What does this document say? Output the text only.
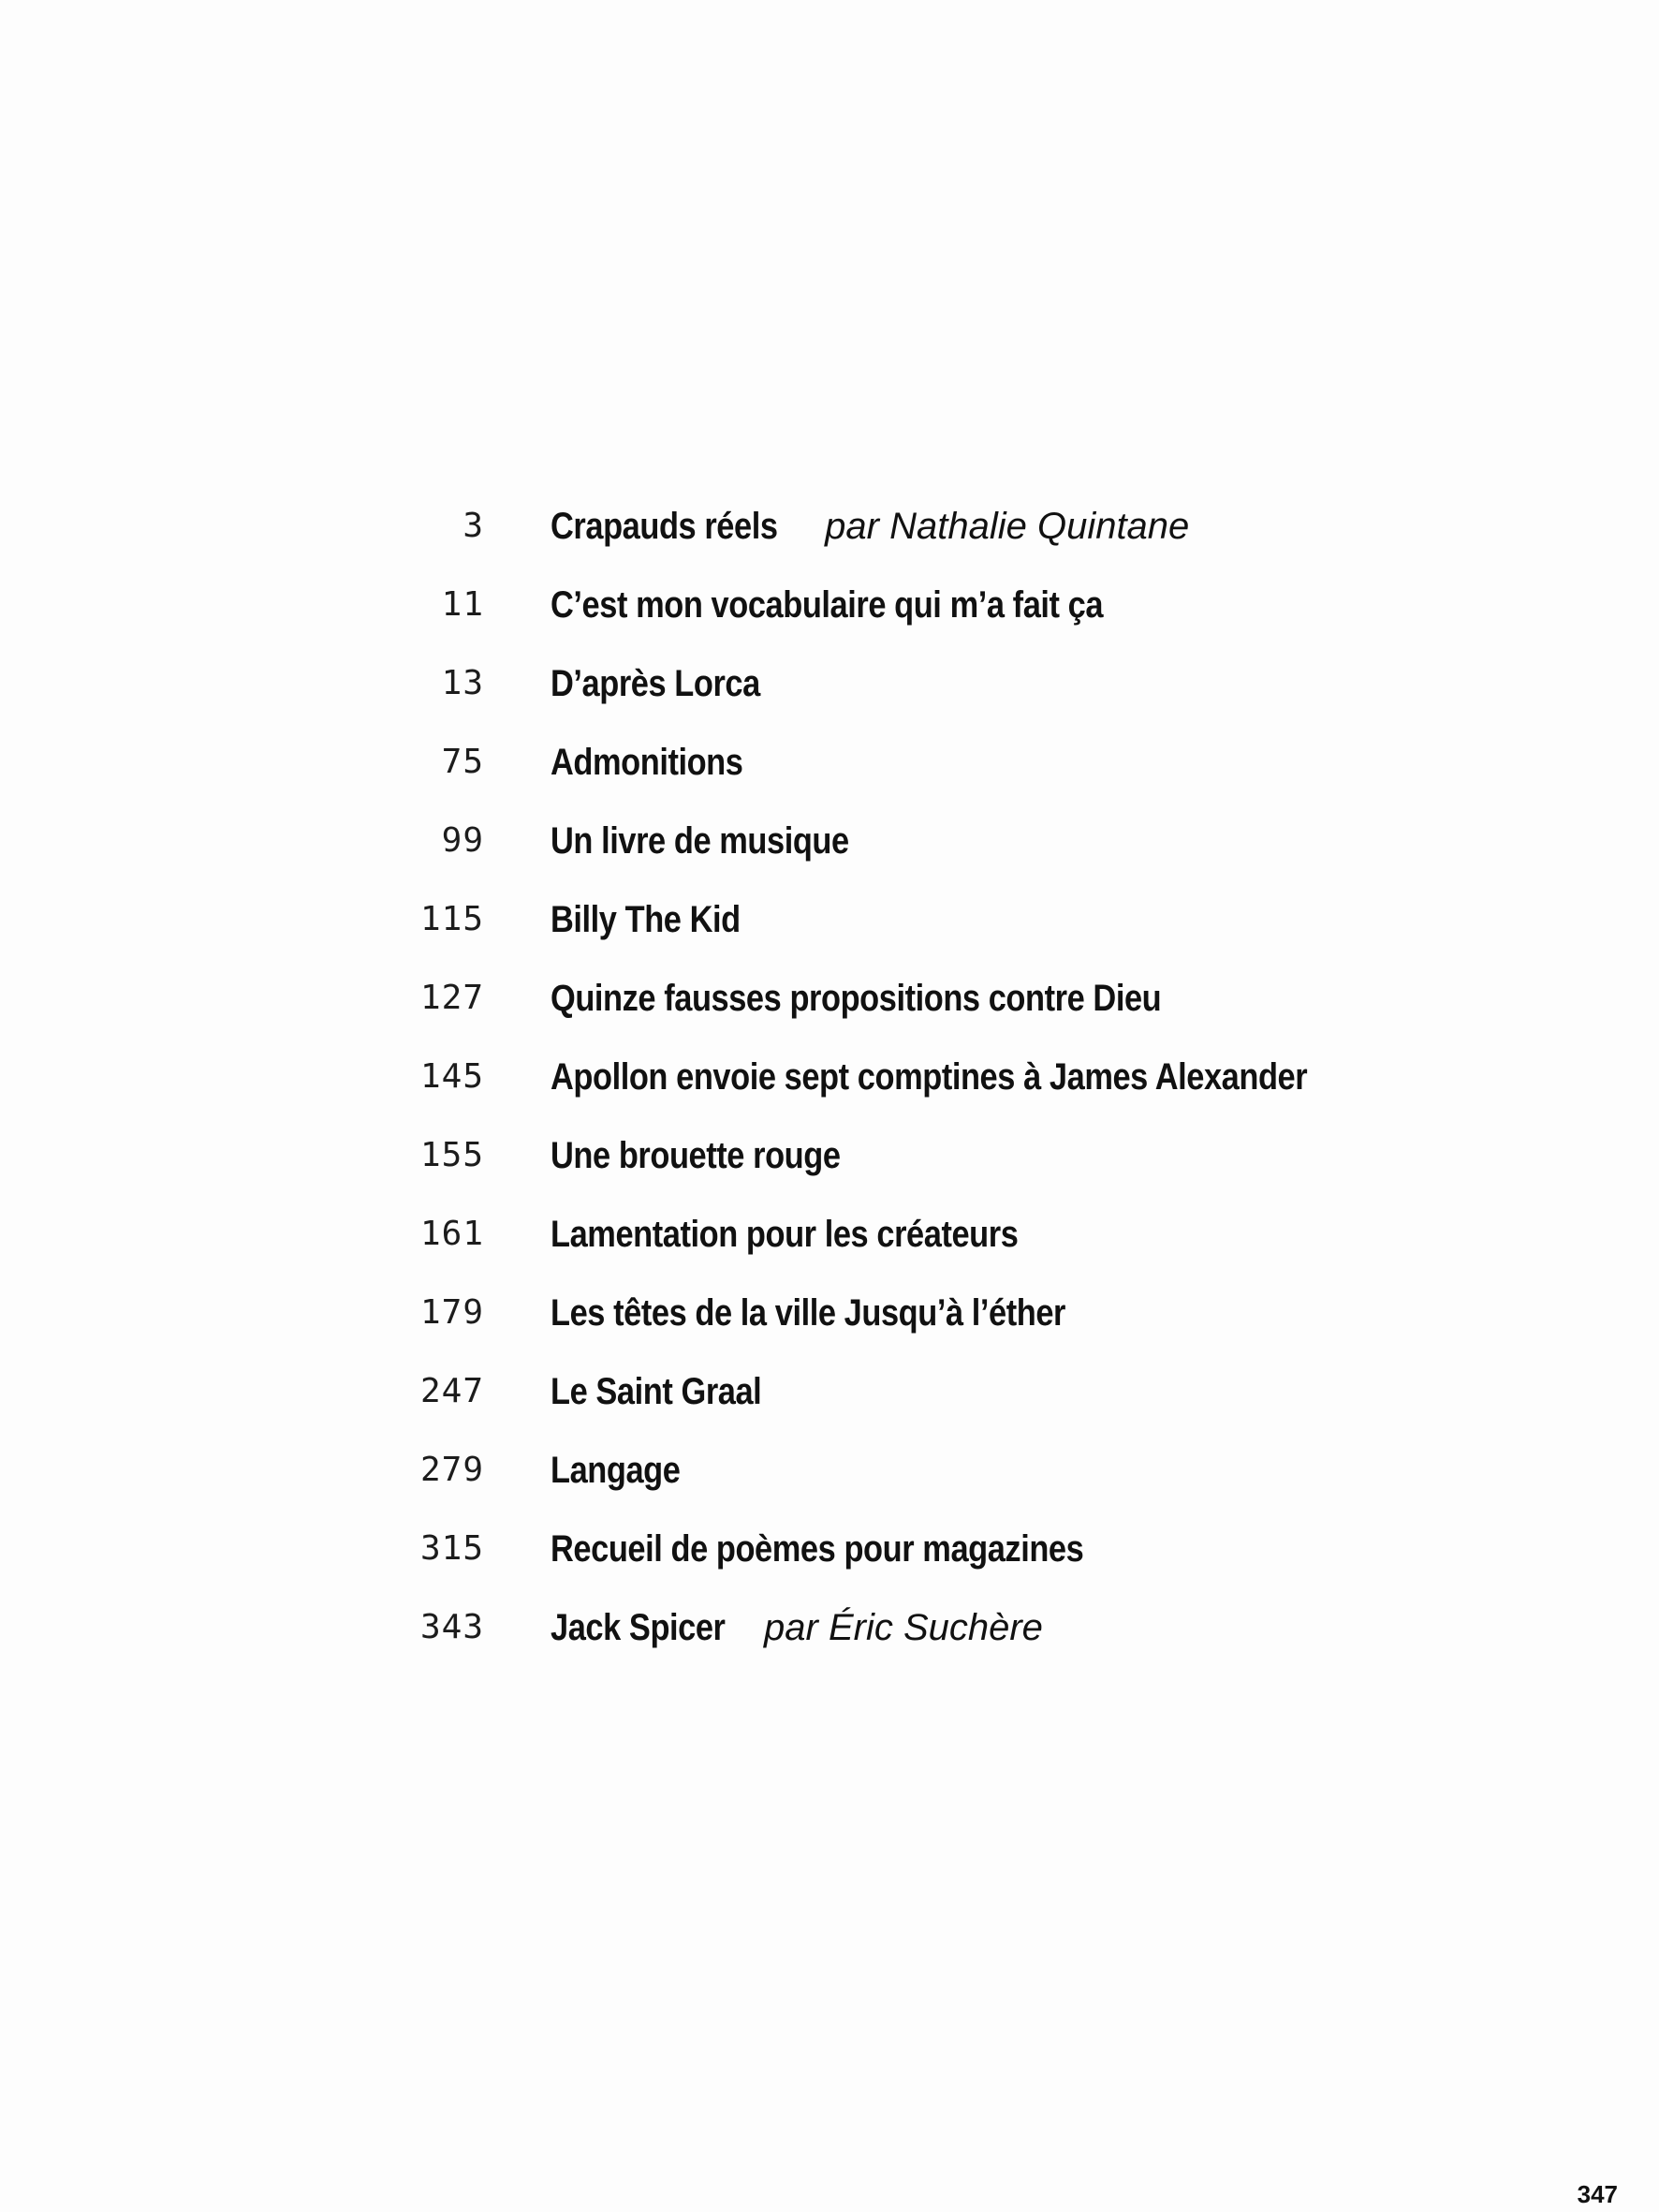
3 Crapauds réels par Nathalie Quintane
11 C’est mon vocabulaire qui m’a fait ça
13 D’après Lorca
75 Admonitions
99 Un livre de musique
115 Billy The Kid
127 Quinze fausses propositions contre Dieu
145 Apollon envoie sept comptines à James Alexander
155 Une brouette rouge
161 Lamentation pour les créateurs
179 Les têtes de la ville Jusqu’à l’éther
247 Le Saint Graal
279 Langage
315 Recueil de poèmes pour magazines
343 Jack Spicer par Éric Suchère
347
